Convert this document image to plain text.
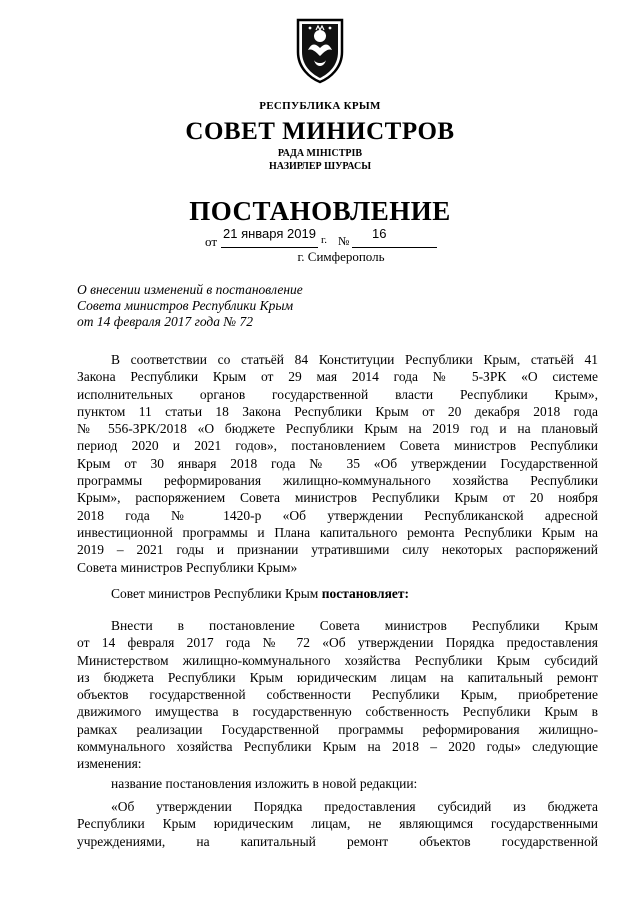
РЕСПУБЛИКА КРЫМ
СОВЕТ МИНИСТРОВ
РАДА МІНІСТРІВ
НАЗИРЛЕР ШУРАСЫ
ПОСТАНОВЛЕНИЕ
от
21 января 2019 г. № 16
г. Симферополь
О внесении изменений в постановление
Совета министров Республики Крым
от 14 февраля 2017 года № 72
В соответствии со статьёй 84 Конституции Республики Крым, статьёй 41
Закона Республики Крым от 29 мая 2014 года № 5-ЗРК «О системе
исполнительных органов государственной власти Республики Крым»,
пунктом 11 статьи 18 Закона Республики Крым от 20 декабря 2018 года
№ 556-ЗРК/2018 «О бюджете Республики Крым на 2019 год и на плановый
период 2020 и 2021 годов», постановлением Совета министров Республики
Крым от 30 января 2018 года № 35 «Об утверждении Государственной
программы реформирования жилищно-коммунального хозяйства Республики
Крым», распоряжением Совета министров Республики Крым от 20 ноября
2018 года № 1420-р «Об утверждении Республиканской адресной
инвестиционной программы и Плана капитального ремонта Республики Крым на
2019 – 2021 годы и признании утратившими силу некоторых распоряжений
Совета министров Республики Крым»

Совет министров Республики Крым постановляет:

Внести в постановление Совета министров Республики Крым
от 14 февраля 2017 года № 72 «Об утверждении Порядка предоставления
Министерством жилищно-коммунального хозяйства Республики Крым субсидий
из бюджета Республики Крым юридическим лицам на капитальный ремонт
объектов государственной собственности Республики Крым, приобретение
движимого имущества в государственную собственность Республики Крым в
рамках реализации Государственной программы реформирования жилищно-
коммунального хозяйства Республики Крым на 2018 – 2020 годы» следующие
изменения:

название постановления изложить в новой редакции:

«Об утверждении Порядка предоставления субсидий из бюджета
Республики Крым юридическим лицам, не являющимся государственными
учреждениями, на капитальный ремонт объектов государственной
